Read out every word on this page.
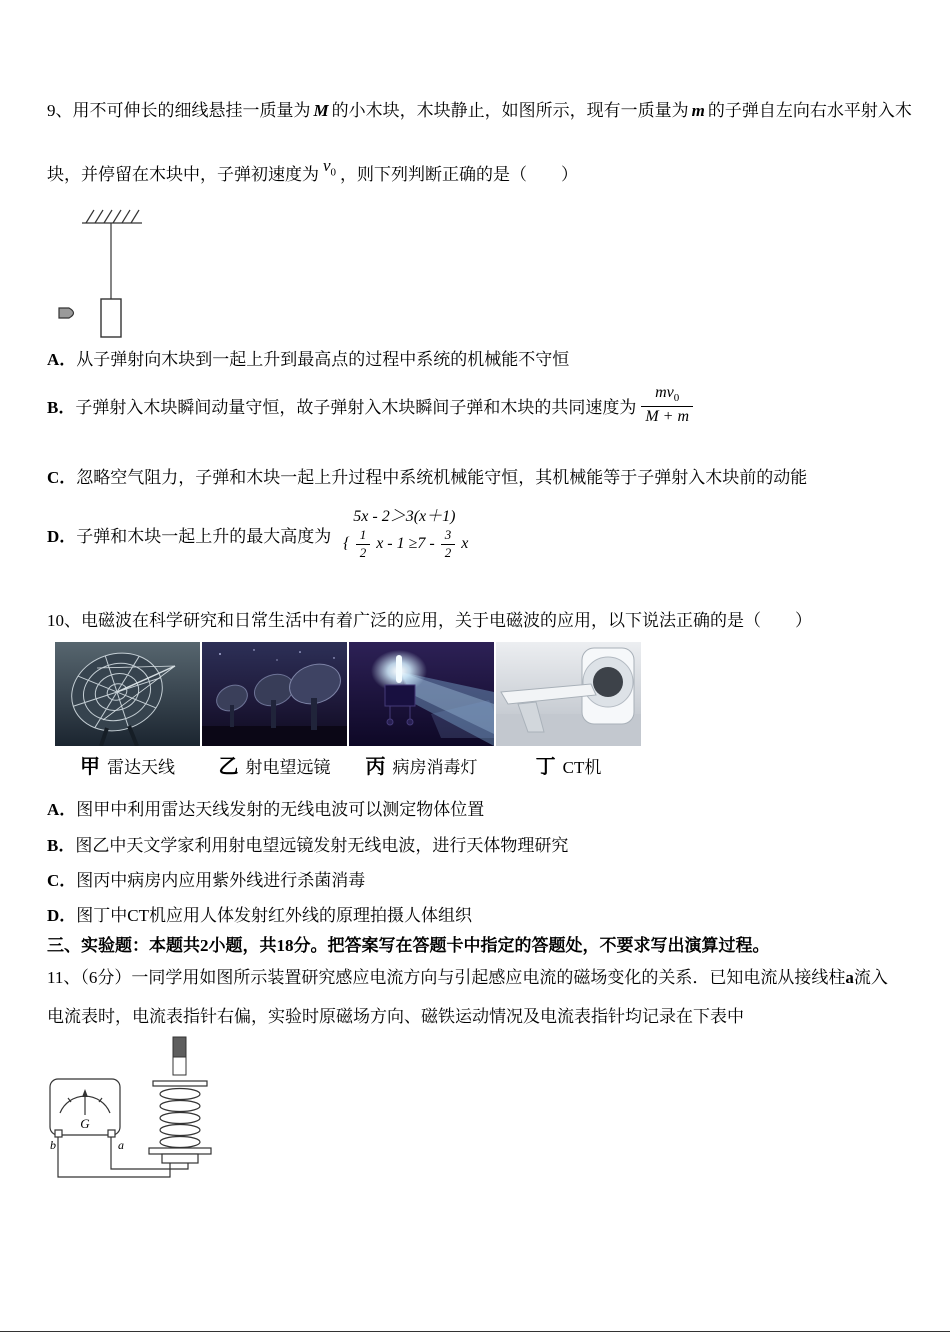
9、用不可伸长的细线悬挂一质量为 M 的小木块，木块静止，如图所示，现有一质量为 m 的子弹自左向右水平射入木
块，并停留在木块中，子弹初速度为 $v_0$ ，则下列判断正确的是（　　）
A． 从子弹射向木块到一起上升到最高点的过程中系统的机械能不守恒
B． 子弹射入木块瞬间动量守恒，故子弹射入木块瞬间子弹和木块的共同速度为 $\frac{mv_0}{M + m}$
C． 忽略空气阻力，子弹和木块一起上升过程中系统机械能守恒，其机械能等于子弹射入木块前的动能
D． 子弹和木块一起上升的最大高度为
5x - 2＞3(x＋1)
{ $\frac{1}{2}$ $x - 1 \ge 7 - \frac{3}{2}$ x
10、电磁波在科学研究和日常生活中有着广泛的应用，关于电磁波的应用，以下说法正确的是（　　）
甲 雷达天线 乙 射电望远镜 丙 病房消毒灯	丁 CT机
A． 图甲中利用雷达天线发射的无线电波可以测定物体位置
B． 图乙中天文学家利用射电望远镜发射无线电波，进行天体物理研究
C． 图丙中病房内应用紫外线进行杀菌消毒
D． 图丁中CT机应用人体发射红外线的原理拍摄人体组织
三、实验题：本题共2小题，共18分。把答案写在答题卡中指定的答题处，不要求写出演算过程。
11、（6分）一同学用如图所示装置研究感应电流方向与引起感应电流的磁场变化的关系．已知电流从接线柱a流入
电流表时，电流表指针右偏，实验时原磁场方向、磁铁运动情况及电流表指针均记录在下表中
G
b	a
